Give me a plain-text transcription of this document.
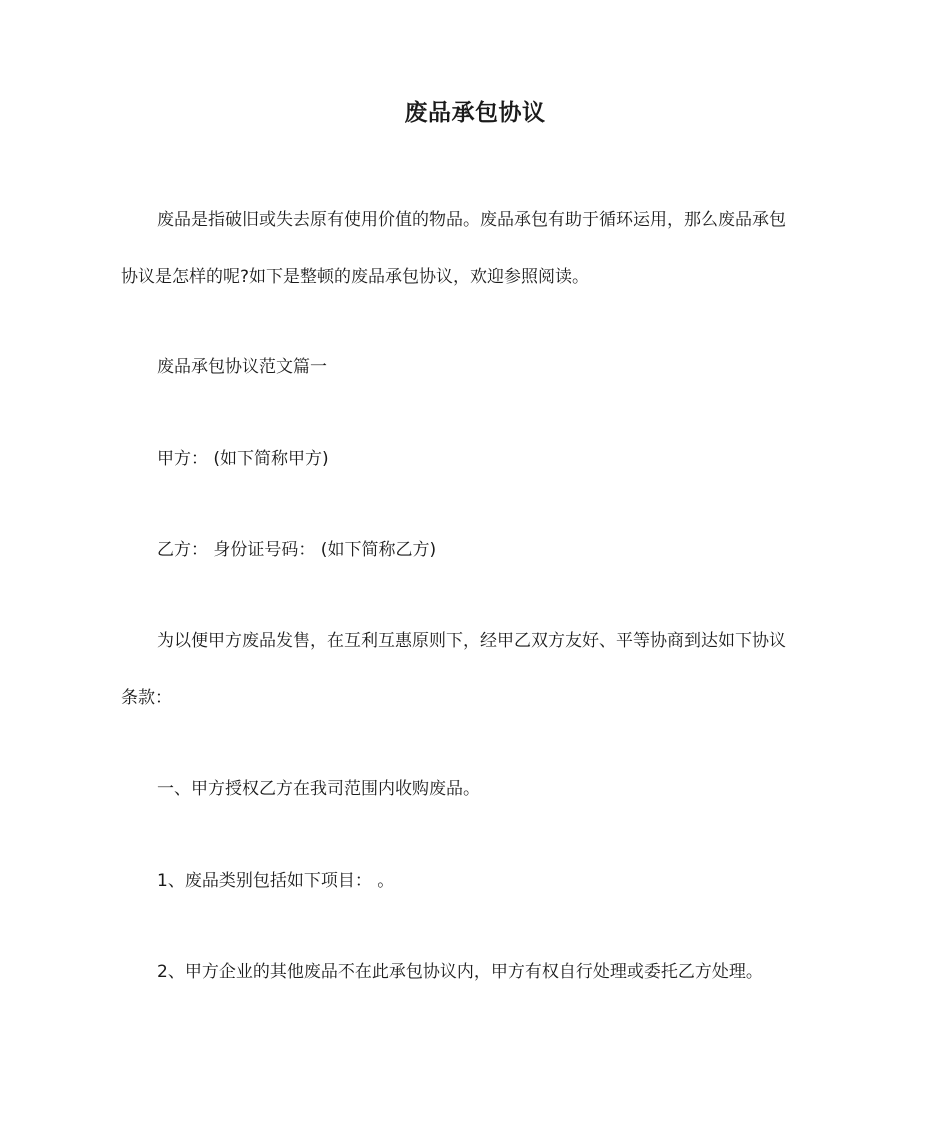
废品承包协议
废品是指破旧或失去原有使用价值的物品。废品承包有助于循环运用，那么废品承包
协议是怎样的呢?如下是整顿的废品承包协议，欢迎参照阅读。
废品承包协议范文篇一
甲方： (如下简称甲方)
乙方： 身份证号码： (如下简称乙方)
为以便甲方废品发售，在互利互惠原则下，经甲乙双方友好、平等协商到达如下协议
条款：
一、甲方授权乙方在我司范围内收购废品。
1、废品类别包括如下项目： 。
2、甲方企业的其他废品不在此承包协议内，甲方有权自行处理或委托乙方处理。
